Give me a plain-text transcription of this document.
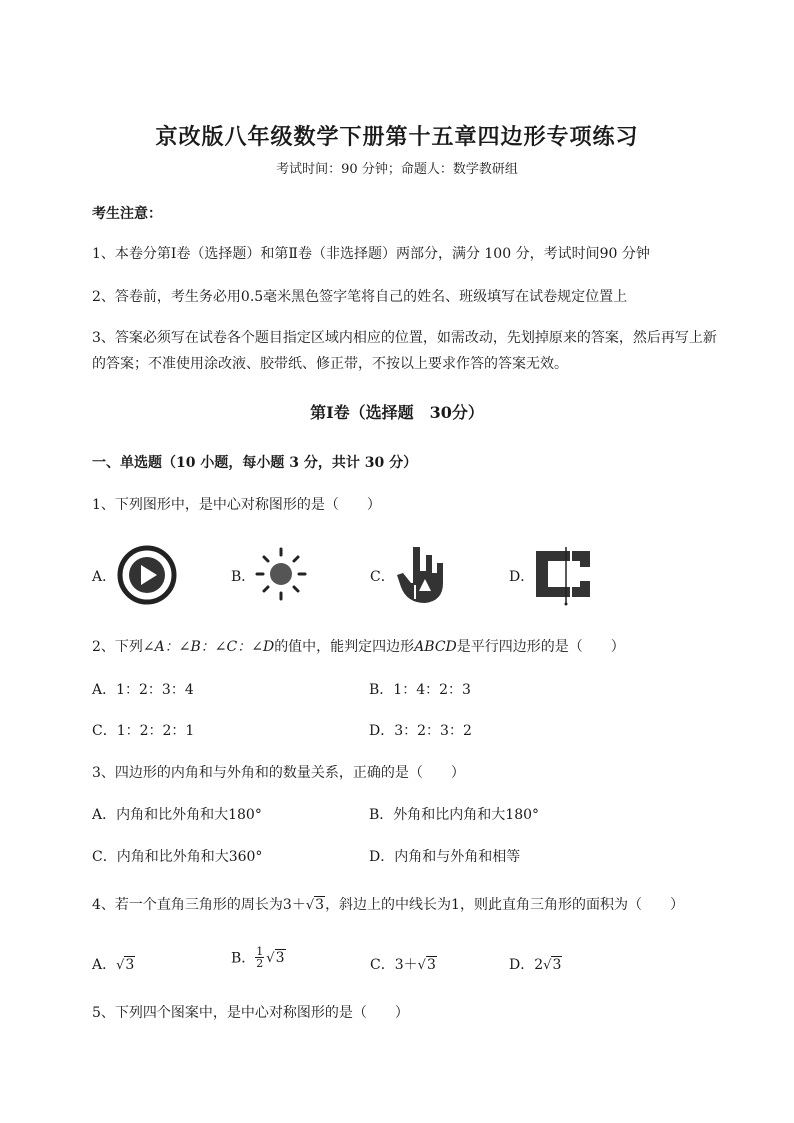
京改版八年级数学下册第十五章四边形专项练习
考试时间：90 分钟；命题人：数学教研组
考生注意：
1、本卷分第Ⅰ卷（选择题）和第Ⅱ卷（非选择题）两部分，满分 100 分，考试时间90 分钟
2、答卷前，考生务必用0.5毫米黑色签字笔将自己的姓名、班级填写在试卷规定位置上
3、答案必须写在试卷各个题目指定区域内相应的位置，如需改动，先划掉原来的答案，然后再写上新
的答案；不准使用涂改液、胶带纸、修正带，不按以上要求作答的答案无效。
第Ⅰ卷（选择题　30分）
一、单选题（10 小题，每小题 3 分，共计 30 分）
1、下列图形中，是中心对称图形的是（　　）
A．	B．	C．	D．
2、下列∠A：∠B：∠C：∠D的值中，能判定四边形ABCD是平行四边形的是（　　）
A．1：2：3：4	B．1：4：2：3
C．1：2：2：1	D．3：2：3：2
3、四边形的内角和与外角和的数量关系，正确的是（　　）
A．内角和比外角和大180°	B．外角和比内角和大180°
C．内角和比外角和大360°	D．内角和与外角和相等
4、若一个直角三角形的周长为3＋√3，斜边上的中线长为1，则此直角三角形的面积为（　　）
A．√3	B． $\frac{1}{2} √3$	C．3＋√3	D．2√3
5、下列四个图案中，是中心对称图形的是（　　）
